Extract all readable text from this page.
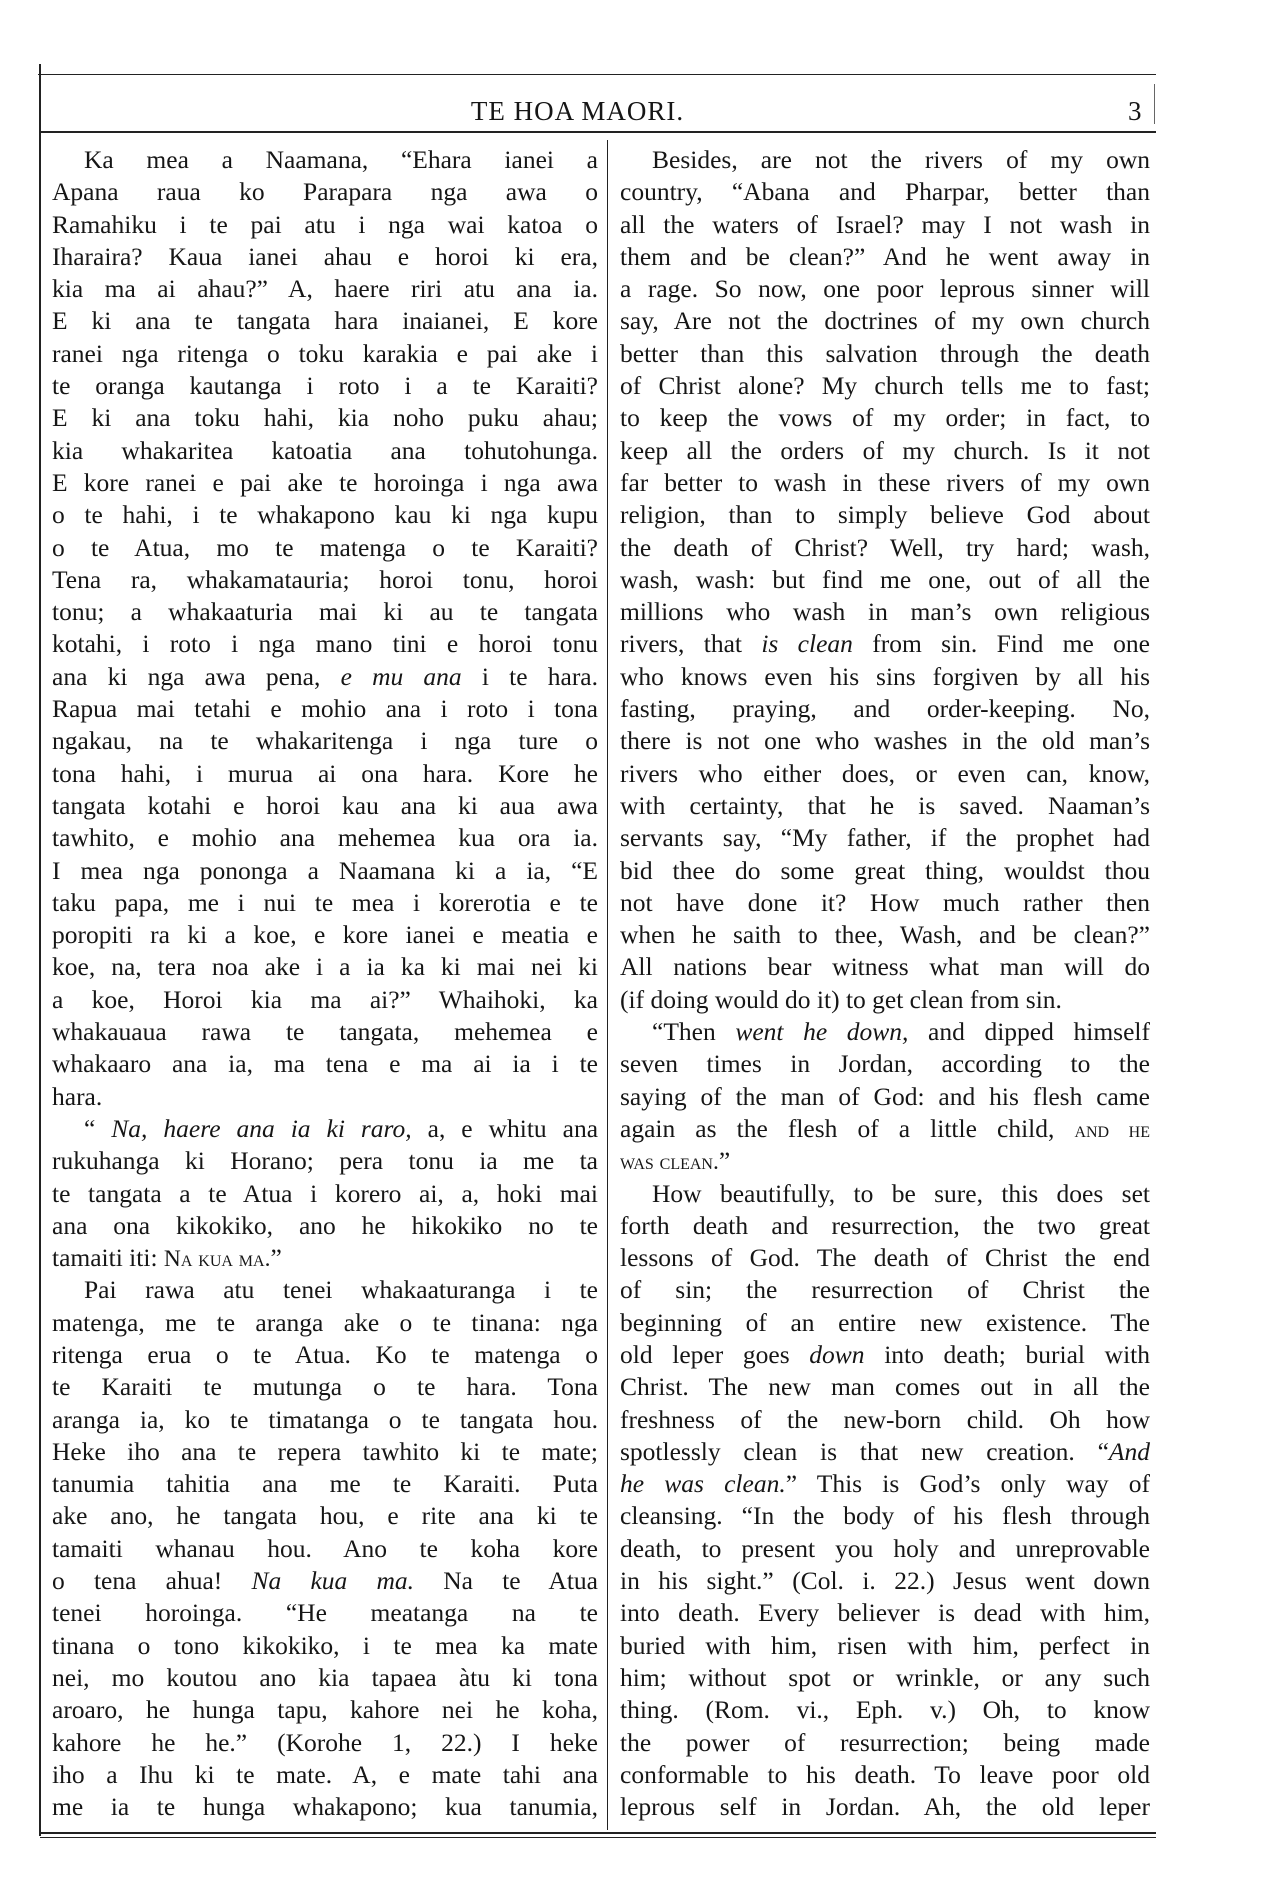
TE HOA MAORI.	3
Ka mea a Naamana, “Ehara ianei a
Apana raua ko Parapara nga awa o
Ramahiku i te pai atu i nga wai katoa o
Iharaira? Kaua ianei ahau e horoi ki era,
kia ma ai ahau?” A, haere riri atu ana ia.
E ki ana te tangata hara inaianei, E kore
ranei nga ritenga o toku karakia e pai ake i
te oranga kautanga i roto i a te Karaiti?
E ki ana toku hahi, kia noho puku ahau;
kia whakaritea katoatia ana tohutohunga.
E kore ranei e pai ake te horoinga i nga awa
o te hahi, i te whakapono kau ki nga kupu
o te Atua, mo te matenga o te Karaiti?
Tena ra, whakamatauria; horoi tonu, horoi
tonu; a whakaaturia mai ki au te tangata
kotahi, i roto i nga mano tini e horoi tonu
ana ki nga awa pena, e mu ana i te hara.
Rapua mai tetahi e mohio ana i roto i tona
ngakau, na te whakaritenga i nga ture o
tona hahi, i murua ai ona hara. Kore he
tangata kotahi e horoi kau ana ki aua awa
tawhito, e mohio ana mehemea kua ora ia.
I mea nga pononga a Naamana ki a ia, “E
taku papa, me i nui te mea i korerotia e te
poropiti ra ki a koe, e kore ianei e meatia e
koe, na, tera noa ake i a ia ka ki mai nei ki
a koe, Horoi kia ma ai?” Whaihoki, ka
whakauaua rawa te tangata, mehemea e
whakaaro ana ia, ma tena e ma ai ia i te
hara.
“ Na, haere ana ia ki raro, a, e whitu ana
rukuhanga ki Horano; pera tonu ia me ta
te tangata a te Atua i korero ai, a, hoki mai
ana ona kikokiko, ano he hikokiko no te
tamaiti iti: Na kua ma.”
Pai rawa atu tenei whakaaturanga i te
matenga, me te aranga ake o te tinana: nga
ritenga erua o te Atua. Ko te matenga o
te Karaiti te mutunga o te hara. Tona
aranga ia, ko te timatanga o te tangata hou.
Heke iho ana te repera tawhito ki te mate;
tanumia tahitia ana me te Karaiti. Puta
ake ano, he tangata hou, e rite ana ki te
tamaiti whanau hou. Ano te koha kore
o tena ahua! Na kua ma. Na te Atua
tenei horoinga. “He meatanga na te
tinana o tono kikokiko, i te mea ka mate
nei, mo koutou ano kia tapaea àtu ki tona
aroaro, he hunga tapu, kahore nei he koha,
kahore he he.” (Korohe 1, 22.) I heke
iho a Ihu ki te mate. A, e mate tahi ana
me ia te hunga whakapono; kua tanumia,
Besides, are not the rivers of my own
country, “Abana and Pharpar, better than
all the waters of Israel? may I not wash in
them and be clean?” And he went away in
a rage. So now, one poor leprous sinner will
say, Are not the doctrines of my own church
better than this salvation through the death
of Christ alone? My church tells me to fast;
to keep the vows of my order; in fact, to
keep all the orders of my church. Is it not
far better to wash in these rivers of my own
religion, than to simply believe God about
the death of Christ? Well, try hard; wash,
wash, wash: but find me one, out of all the
millions who wash in man’s own religious
rivers, that is clean from sin. Find me one
who knows even his sins forgiven by all his
fasting, praying, and order-keeping. No,
there is not one who washes in the old man’s
rivers who either does, or even can, know,
with certainty, that he is saved. Naaman’s
servants say, “My father, if the prophet had
bid thee do some great thing, wouldst thou
not have done it? How much rather then
when he saith to thee, Wash, and be clean?”
All nations bear witness what man will do
(if doing would do it) to get clean from sin.
“Then went he down, and dipped himself
seven times in Jordan, according to the
saying of the man of God: and his flesh came
again as the flesh of a little child, and he
was clean.”
How beautifully, to be sure, this does set
forth death and resurrection, the two great
lessons of God. The death of Christ the end
of sin; the resurrection of Christ the
beginning of an entire new existence. The
old leper goes down into death; burial with
Christ. The new man comes out in all the
freshness of the new-born child. Oh how
spotlessly clean is that new creation. “And
he was clean.” This is God’s only way of
cleansing. “In the body of his flesh through
death, to present you holy and unreprovable
in his sight.” (Col. i. 22.) Jesus went down
into death. Every believer is dead with him,
buried with him, risen with him, perfect in
him; without spot or wrinkle, or any such
thing. (Rom. vi., Eph. v.) Oh, to know
the power of resurrection; being made
conformable to his death. To leave poor old
leprous self in Jordan. Ah, the old leper
